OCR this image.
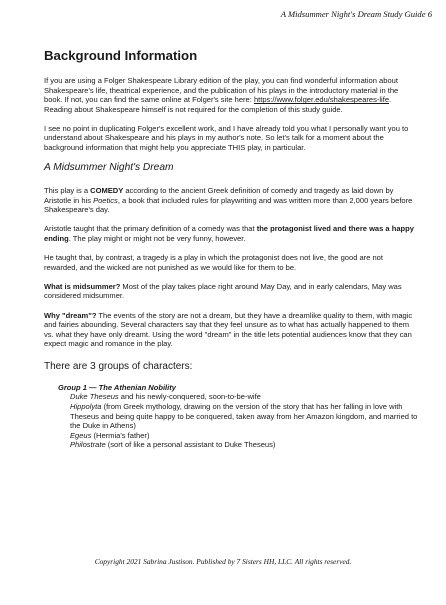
A Midsummer Night's Dream Study Guide 6
Background Information

If you are using a Folger Shakespeare Library edition of the play, you can find wonderful information about Shakespeare's life, theatrical experience, and the publication of his plays in the introductory material in the book. If not, you can find the same online at Folger's site here: https://www.folger.edu/shakespeares-life. Reading about Shakespeare himself is not required for the completion of this study guide.

I see no point in duplicating Folger's excellent work, and I have already told you what I personally want you to understand about Shakespeare and his plays in my author's note. So let's talk for a moment about the background information that might help you appreciate THIS play, in particular.

A Midsummer Night's Dream

This play is a COMEDY according to the ancient Greek definition of comedy and tragedy as laid down by Aristotle in his Poetics, a book that included rules for playwriting and was written more than 2,000 years before Shakespeare's day.

Aristotle taught that the primary definition of a comedy was that the protagonist lived and there was a happy ending. The play might or might not be very funny, however.

He taught that, by contrast, a tragedy is a play in which the protagonist does not live, the good are not rewarded, and the wicked are not punished as we would like for them to be.

What is midsummer? Most of the play takes place right around May Day, and in early calendars, May was considered midsummer.

Why "dream"? The events of the story are not a dream, but they have a dreamlike quality to them, with magic and fairies abounding. Several characters say that they feel unsure as to what has actually happened to them vs. what they have only dreamt. Using the word "dream" in the title lets potential audiences know that they can expect magic and romance in the play.

There are 3 groups of characters:

Group 1 — The Athenian Nobility

Duke Theseus and his newly-conquered, soon-to-be-wife
Hippolyta (from Greek mythology, drawing on the version of the story that has her falling in love with Theseus and being quite happy to be conquered, taken away from her Amazon kingdom, and married to the Duke in Athens)
Egeus (Hermia's father)
Philostrate (sort of like a personal assistant to Duke Theseus)
Copyright 2021 Sabrina Justison. Published by 7 Sisters HH, LLC. All rights reserved.
